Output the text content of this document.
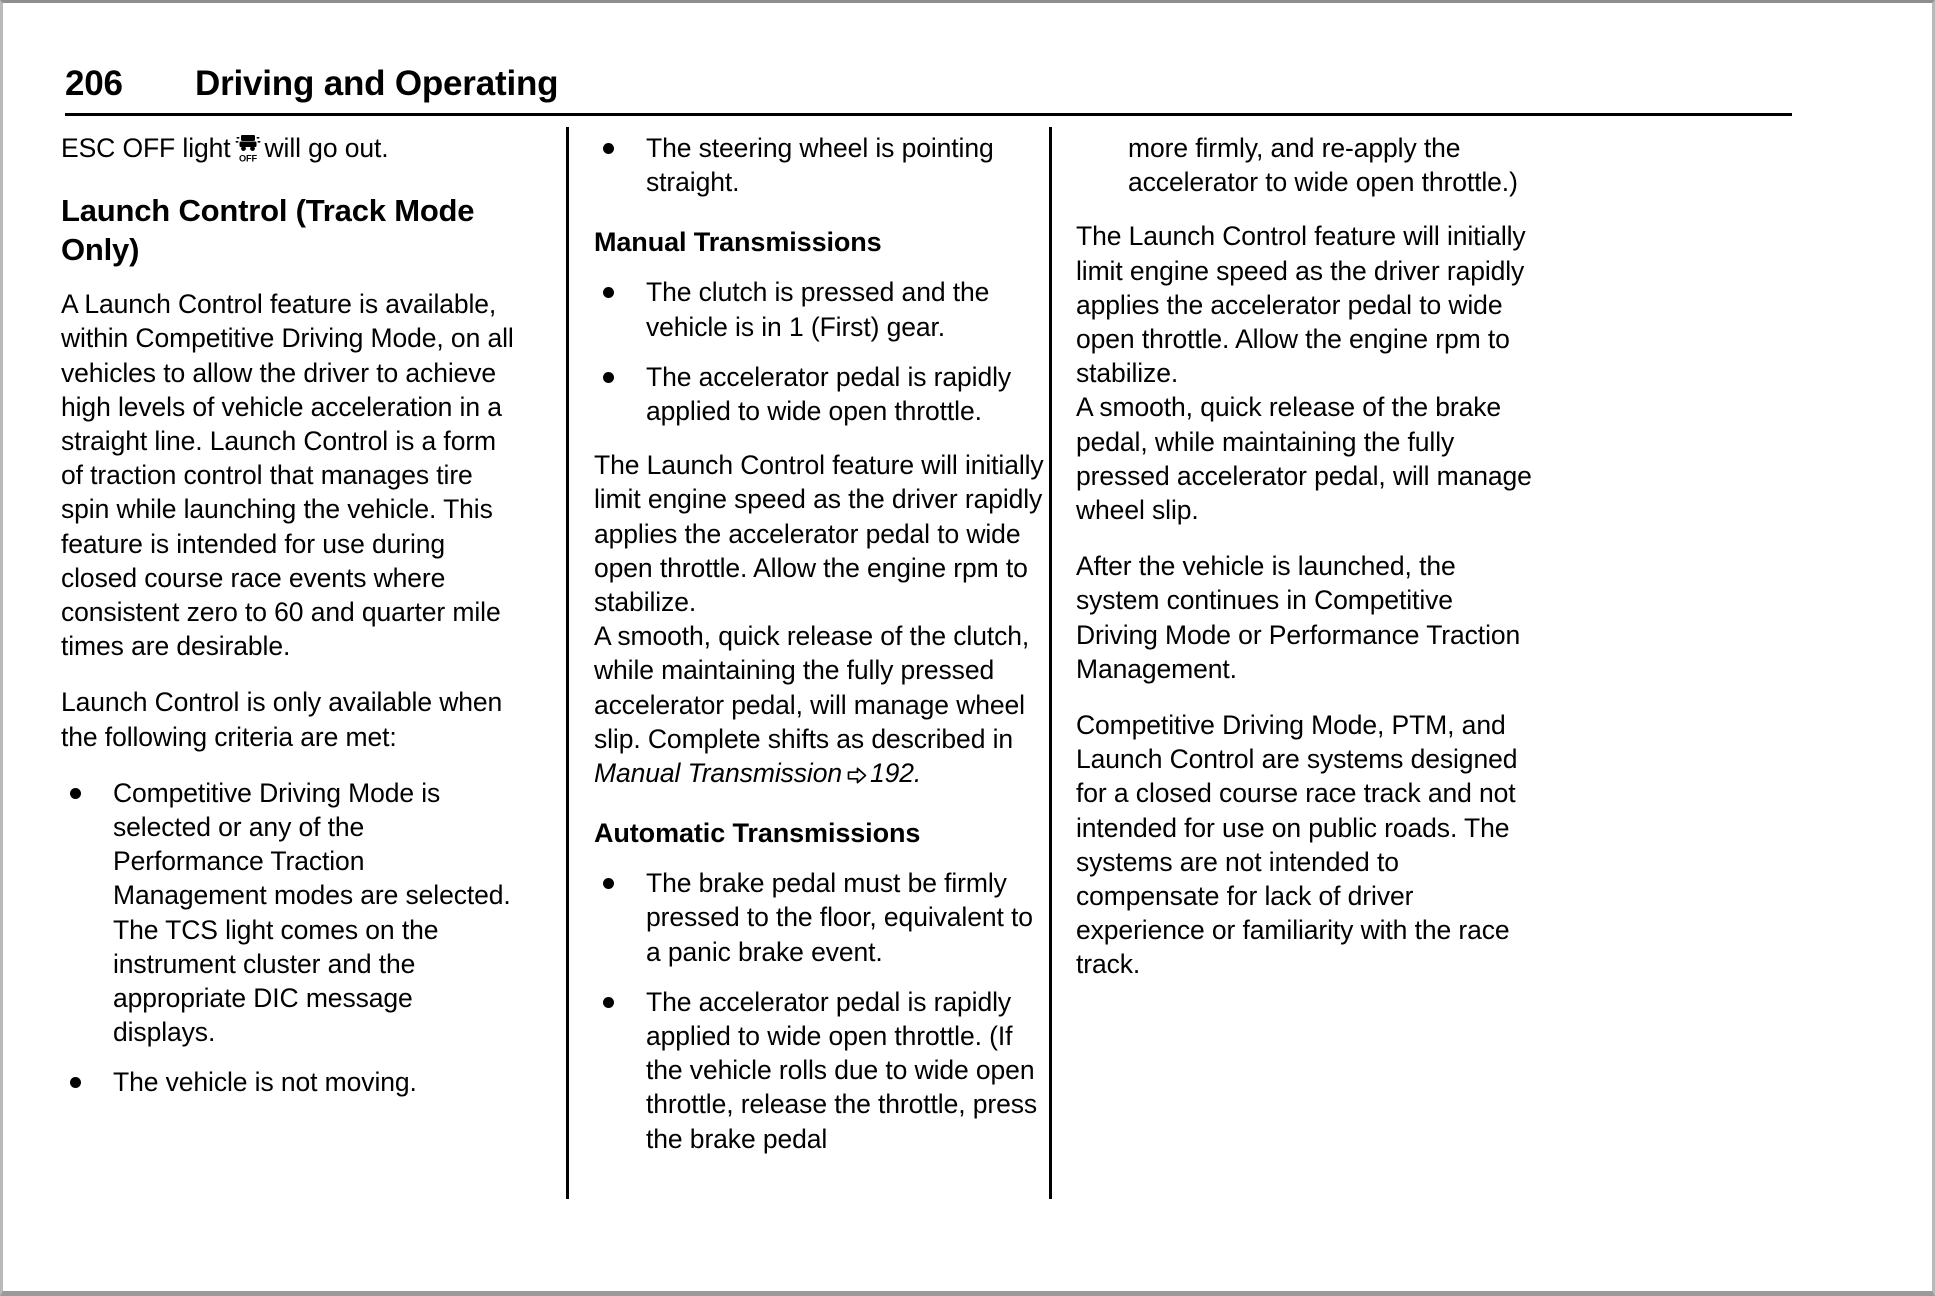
206 Driving and Operating

ESC OFF light OFF will go out.

Launch Control (Track Mode Only)

A Launch Control feature is available, within Competitive Driving Mode, on all vehicles to allow the driver to achieve high levels of vehicle acceleration in a straight line. Launch Control is a form of traction control that manages tire spin while launching the vehicle. This feature is intended for use during closed course race events where consistent zero to 60 and quarter mile times are desirable.

Launch Control is only available when the following criteria are met:

Competitive Driving Mode is selected or any of the Performance Traction Management modes are selected. The TCS light comes on the instrument cluster and the appropriate DIC message displays.
The vehicle is not moving.
The steering wheel is pointing straight.
Manual Transmissions
The clutch is pressed and the vehicle is in 1 (First) gear.
The accelerator pedal is rapidly applied to wide open throttle.

The Launch Control feature will initially limit engine speed as the driver rapidly applies the accelerator pedal to wide open throttle. Allow the engine rpm to stabilize.

A smooth, quick release of the clutch, while maintaining the fully pressed accelerator pedal, will manage wheel slip. Complete shifts as described in Manual Transmission 192.

Automatic Transmissions
The brake pedal must be firmly pressed to the floor, equivalent to a panic brake event.
The accelerator pedal is rapidly applied to wide open throttle. (If the vehicle rolls due to wide open throttle, release the throttle, press the brake pedal

more firmly, and re-apply the accelerator to wide open throttle.)

The Launch Control feature will initially limit engine speed as the driver rapidly applies the accelerator pedal to wide open throttle. Allow the engine rpm to stabilize.

A smooth, quick release of the brake pedal, while maintaining the fully pressed accelerator pedal, will manage wheel slip.

After the vehicle is launched, the system continues in Competitive Driving Mode or Performance Traction Management.

Competitive Driving Mode, PTM, and Launch Control are systems designed for a closed course race track and not intended for use on public roads. The systems are not intended to compensate for lack of driver experience or familiarity with the race track.
